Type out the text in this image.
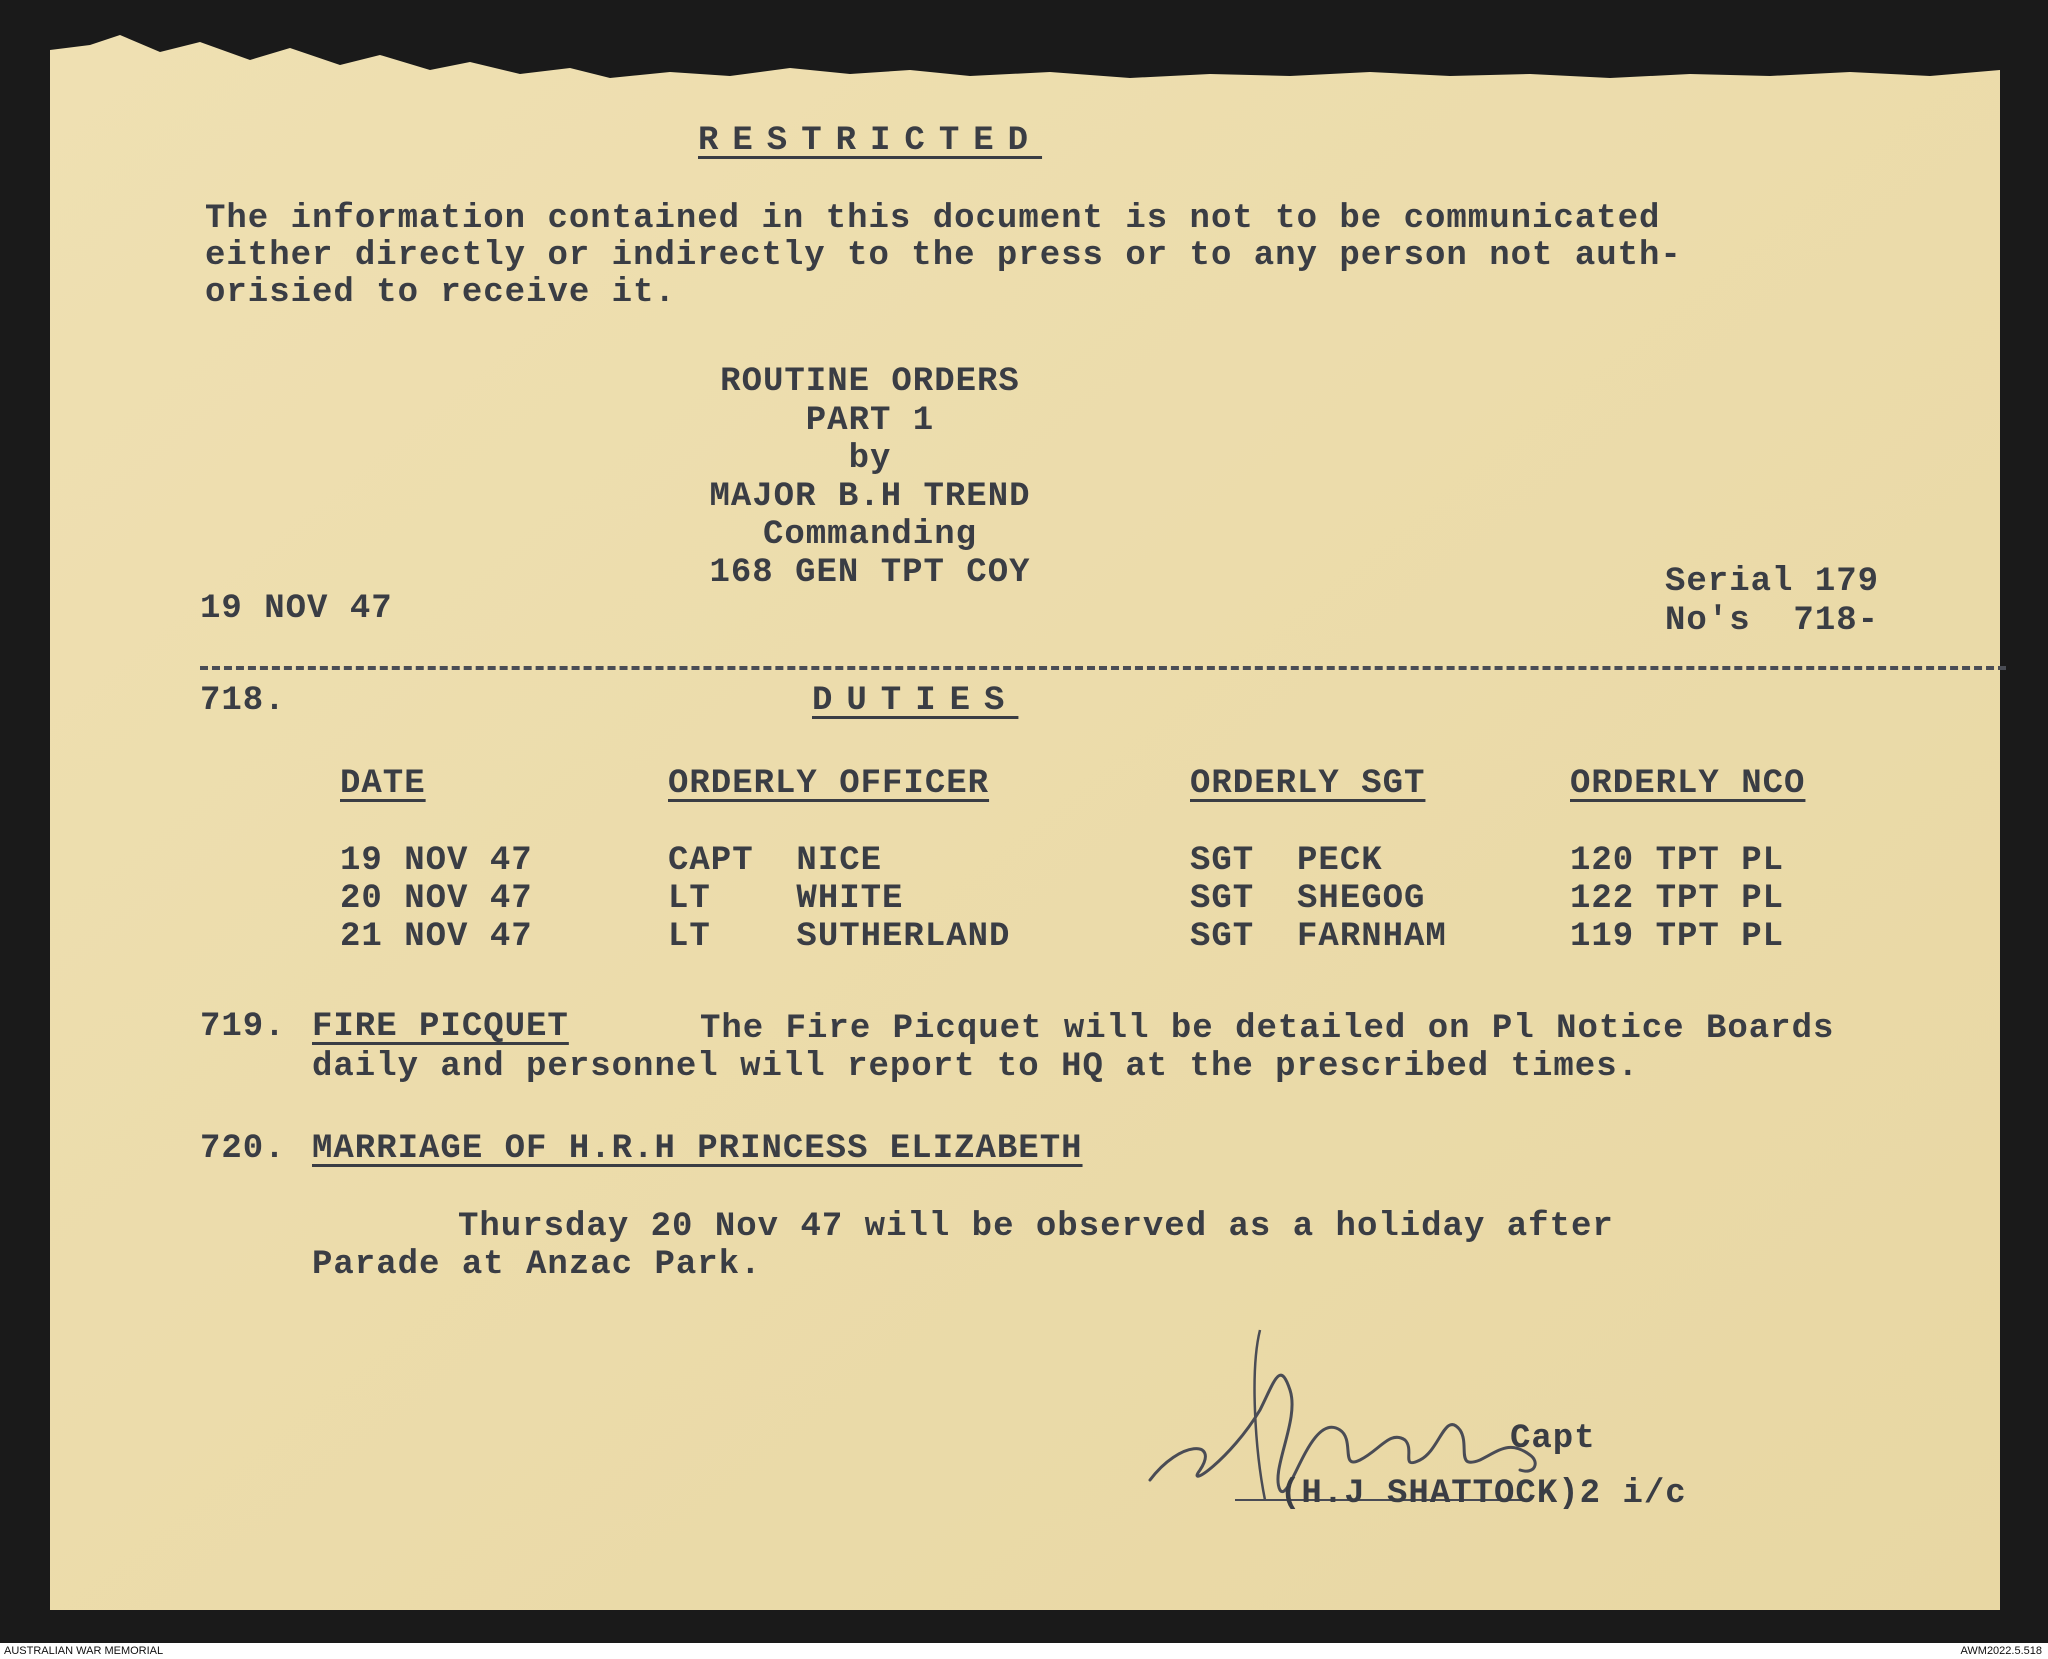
RESTRICTED
The information contained in this document is not to be communicated
either directly or indirectly to the press or to any person not auth-
orisied to receive it.
ROUTINE ORDERS
PART 1
by
MAJOR B.H TREND
Commanding
168 GEN TPT COY
19 NOV 47
Serial 179
No's  718-
718.	DUTIES
DATE	ORDERLY OFFICER	ORDERLY SGT	ORDERLY NCO
19 NOV 47	CAPT  NICE	SGT  PECK	120 TPT PL
20 NOV 47	LT    WHITE	SGT  SHEGOG	122 TPT PL
21 NOV 47	LT    SUTHERLAND	SGT  FARNHAM	119 TPT PL
719. FIRE PICQUET	The Fire Picquet will be detailed on Pl Notice Boards
daily and personnel will report to HQ at the prescribed times.
720. MARRIAGE OF H.R.H PRINCESS ELIZABETH
Thursday 20 Nov 47 will be observed as a holiday after
Parade at Anzac Park.
Capt
(H.J SHATTOCK)2 i/c
AUSTRALIAN WAR MEMORIAL	AWM2022.5.518
